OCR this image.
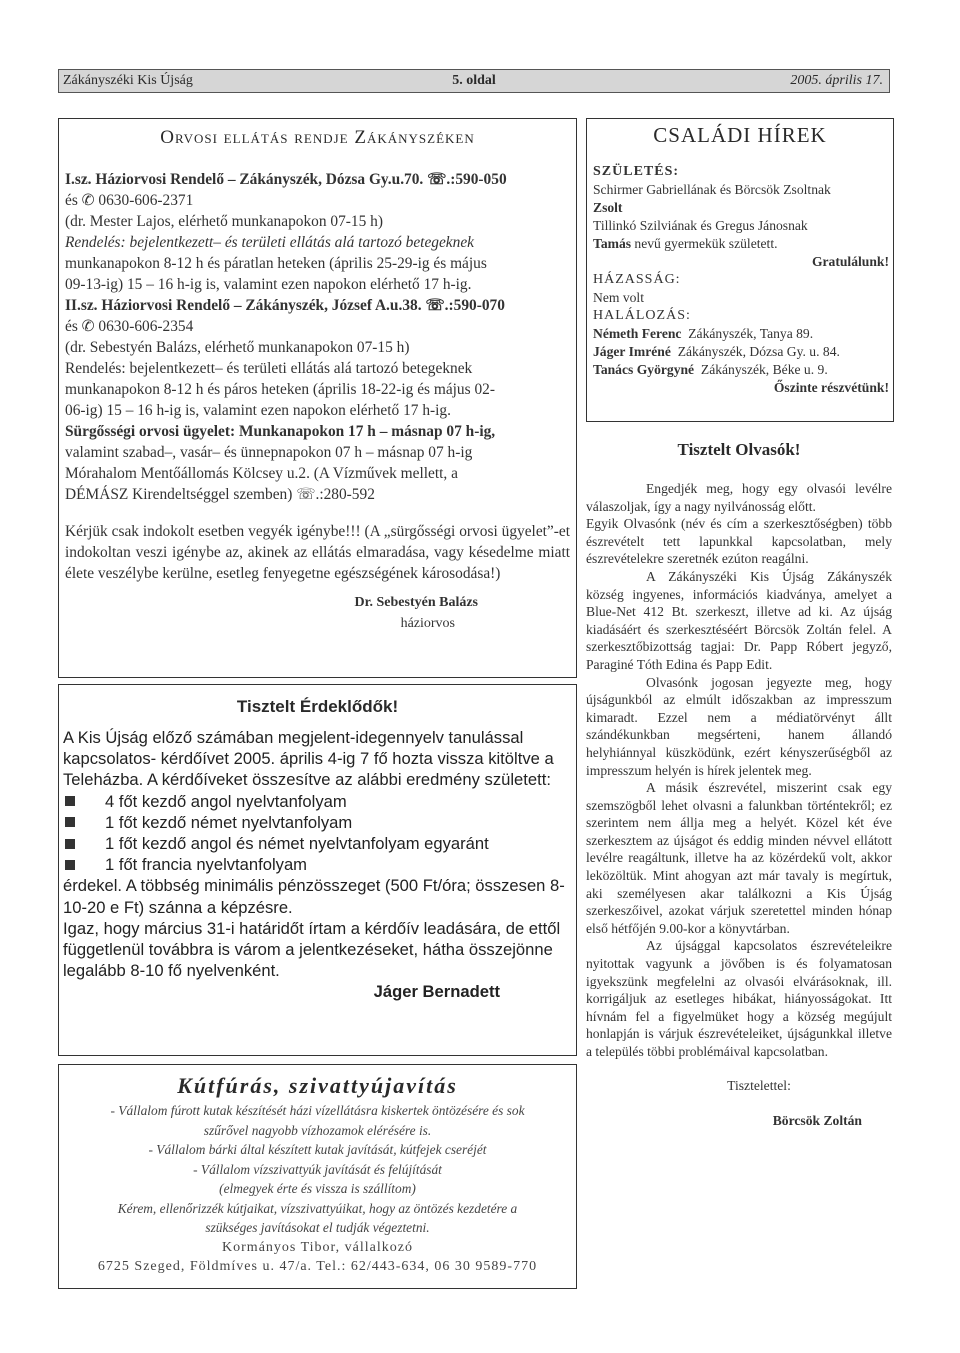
Zákányszéki Kis Újság	5. oldal	2005. április 17.
Orvosi ellátás rendje Zákányszéken

I.sz. Háziorvosi Rendelő – Zákányszék, Dózsa Gy.u.70. ☏.:590-050

és ✆ 0630-606-2371

(dr. Mester Lajos, elérhető munkanapokon 07-15 h)

Rendelés: bejelentkezett– és területi ellátás alá tartozó betegeknek

munkanapokon 8-12 h és páratlan heteken (április 25-29-ig és május

09-13-ig) 15 – 16 h-ig is, valamint ezen napokon elérhető 17 h-ig.

II.sz. Háziorvosi Rendelő – Zákányszék, József A.u.38. ☏.:590-070

és ✆ 0630-606-2354

(dr. Sebestyén Balázs, elérhető munkanapokon 07-15 h)

Rendelés: bejelentkezett– és területi ellátás alá tartozó betegeknek

munkanapokon 8-12 h és páros heteken (április 18-22-ig és május 02-

06-ig) 15 – 16 h-ig is, valamint ezen napokon elérhető 17 h-ig.

Sürgősségi orvosi ügyelet: Munkanapokon 17 h – másnap 07 h-ig,

valamint szabad–, vasár– és ünnepnapokon 07 h – másnap 07 h-ig

Mórahalom Mentőállomás Kölcsey u.2. (A Vízművek mellett, a

DÉMÁSZ Kirendeltséggel szemben) ☏.:280-592

Kérjük csak indokolt esetben vegyék igénybe!!! (A „sürgősségi orvosi ügyelet”-et indokoltan veszi igénybe az, akinek az ellátás elmaradása, vagy késedelme miatt élete veszélybe kerülne, esetleg fenyegetne egészségének károsodása!)

Dr. Sebestyén Balázs

háziorvos

Tisztelt Érdeklődők!

A Kis Újság előző számában megjelent-idegennyelv tanulással kapcsolatos- kérdőívet 2005. április 4-ig 7 fő hozta vissza kitöltve a Teleházba. A kérdőíveket összesítve az alábbi eredmény született:

4 főt kezdő angol nyelvtanfolyam
1 főt kezdő német nyelvtanfolyam
1 főt kezdő angol és német nyelvtanfolyam egyaránt
1 főt francia nyelvtanfolyam

érdekel. A többség minimális pénzösszeget (500 Ft/óra; összesen 8-10-20 e Ft) szánna a képzésre.

Igaz, hogy március 31-i határidőt írtam a kérdőív leadására, de ettől függetlenül továbbra is várom a jelentkezéseket, hátha összejönne legalább 8-10 fő nyelvenként.

Jáger Bernadett

Kútfúrás, szivattyújavítás

- Vállalom fúrott kutak készítését házi vízellátásra kiskertek öntözésére és sok

szűrővel nagyobb vízhozamok elérésére is.

- Vállalom bárki által készített kutak javítását, kútfejek cseréjét

- Vállalom vízszivattyúk javítását és felújítását

(elmegyek érte és vissza is szállítom)

Kérem, ellenőrizzék kútjaikat, vízszivattyúikat, hogy az öntözés kezdetére a

szükséges javításokat el tudják végeztetni.

Kormányos Tibor, vállalkozó

6725 Szeged, Földmíves u. 47/a. Tel.: 62/443-634, 06 30 9589-770

CSALÁDI HÍREK

SZÜLETÉS:

Schirmer Gabriellának és Börcsök Zsoltnak

Zsolt

Tillinkó Szilviának és Gregus Jánosnak

Tamás nevű gyermekük született.

Gratulálunk!

HÁZASSÁG:

Nem volt

HALÁLOZÁS:

Németh Ferenc Zákányszék, Tanya 89.

Jáger Imréné Zákányszék, Dózsa Gy. u. 84.

Tanács Györgyné Zákányszék, Béke u. 9.

Őszinte részvétünk!

Tisztelt Olvasók!

Engedjék meg, hogy egy olvasói levélre válaszoljak, így a nagy nyilvánosság előtt.

Egyik Olvasónk (név és cím a szerkesztőségben) több észrevételt tett lapunkkal kapcsolatban, mely észrevételekre szeretnék ezúton reagálni.

A Zákányszéki Kis Újság Zákányszék község ingyenes, információs kiadványa, amelyet a Blue-Net 412 Bt. szerkeszt, illetve ad ki. Az újság kiadásáért és szerkesztéséért Börcsök Zoltán felel. A szerkesztőbizottság tagjai: Dr. Papp Róbert jegyző, Paraginé Tóth Edina és Papp Edit.

Olvasónk jogosan jegyezte meg, hogy újságunkból az elmúlt időszakban az impresszum kimaradt. Ezzel nem a médiatörvényt állt szándékunkban megsérteni, hanem állandó helyhiánnyal küszködünk, ezért kényszerűségből az impresszum helyén is hírek jelentek meg.

A másik észrevétel, miszerint csak egy szemszögből lehet olvasni a falunkban történtekről; ez szerintem nem állja meg a helyét. Közel két éve szerkesztem az újságot és eddig minden névvel ellátott levélre reagáltunk, illetve ha az közérdekű volt, akkor leközöltük. Mint ahogyan azt már tavaly is megírtuk, aki személyesen akar találkozni a Kis Újság szerkeszőivel, azokat várjuk szeretettel minden hónap első hétfőjén 9.00-kor a könyvtárban.

Az újsággal kapcsolatos észrevételeikre nyitottak vagyunk a jövőben is és folyamatosan igyekszünk megfelelni az olvasói elvárásoknak, ill. korrigáljuk az esetleges hibákat, hiányosságokat. Itt hívnám fel a figyelmüket hogy a község megújult honlapján is várjuk észrevételeiket, újságunkkal illetve a település többi problémáival kapcsolatban.

Tisztelettel:

Börcsök Zoltán
